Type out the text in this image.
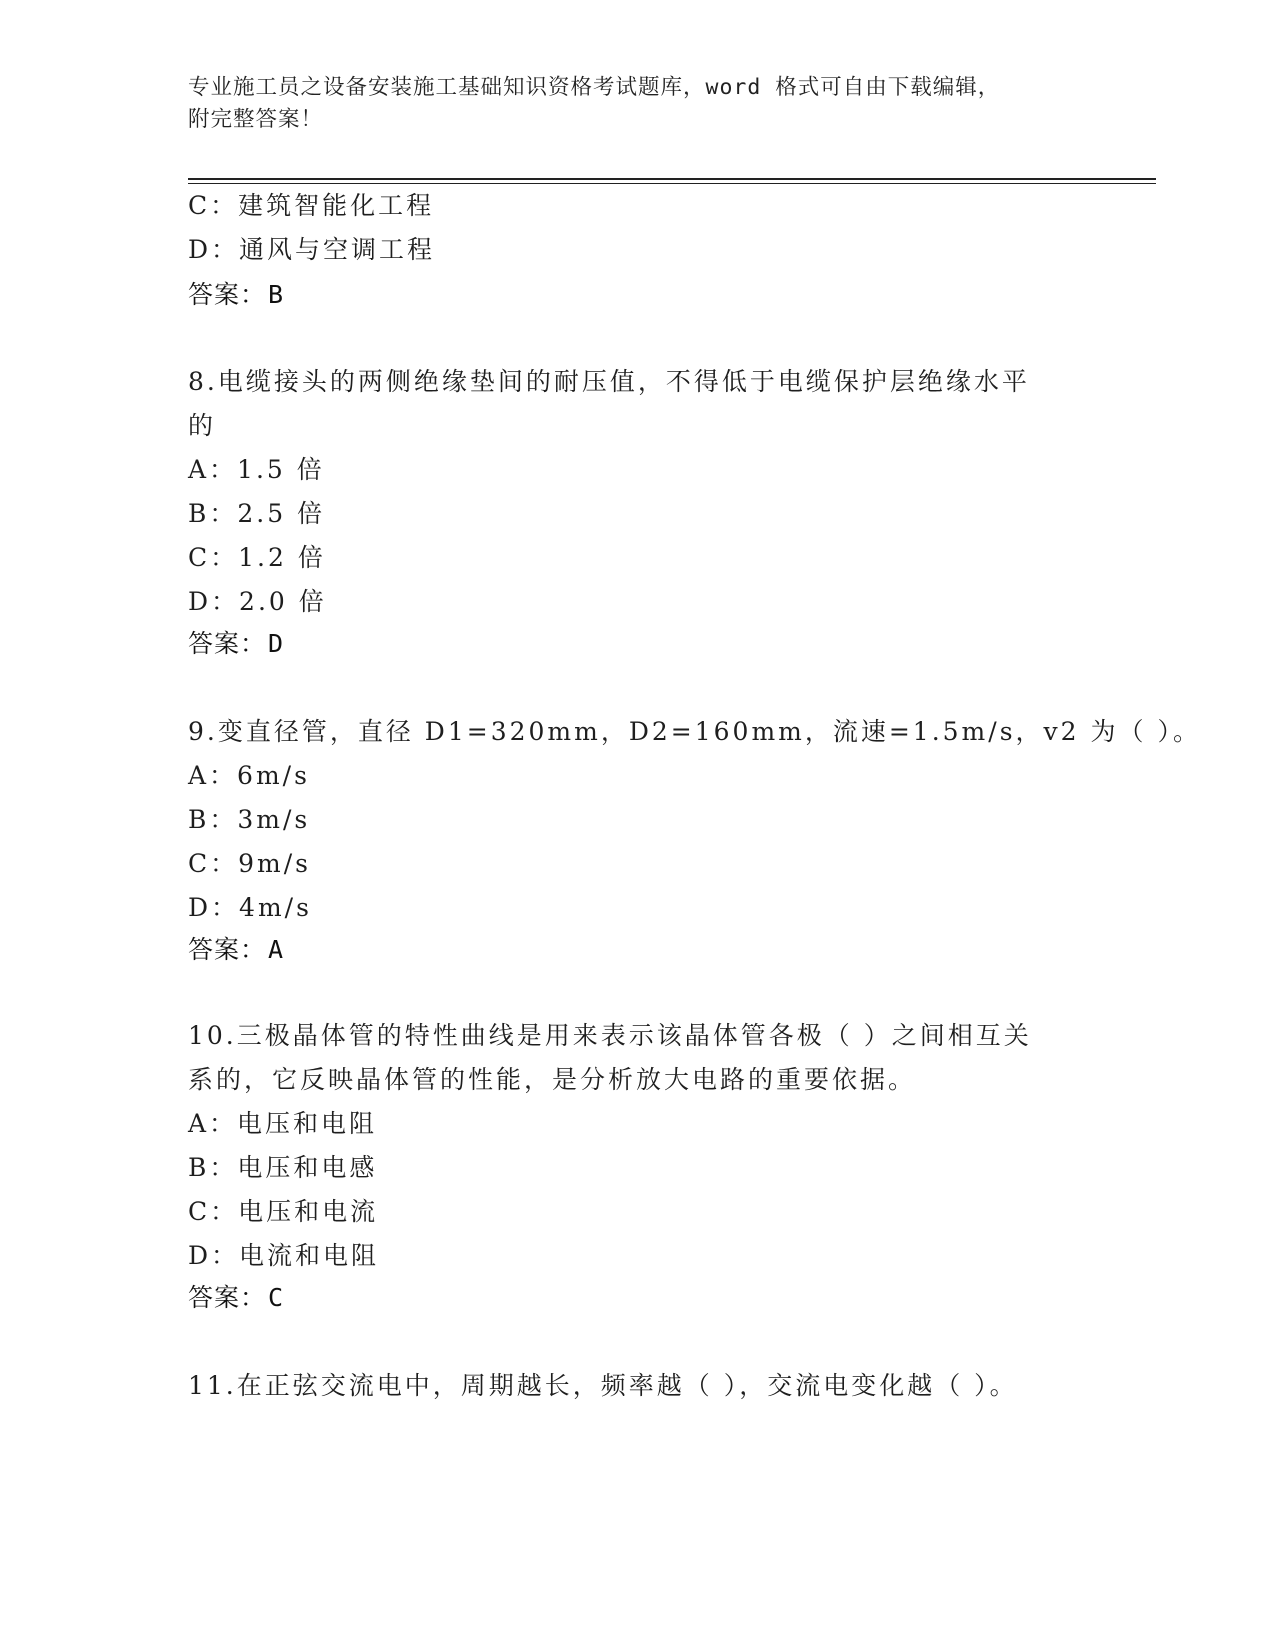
专业施工员之设备安装施工基础知识资格考试题库，word 格式可自由下载编辑，
附完整答案！
C：建筑智能化工程
D：通风与空调工程
答案：B
8.电缆接头的两侧绝缘垫间的耐压值，不得低于电缆保护层绝缘水平
的
A：1.5 倍
B：2.5 倍
C：1.2 倍
D：2.0 倍
答案：D
9.变直径管，直径 D1=320mm，D2=160mm，流速=1.5m/s，v2 为（ ）。
A：6m/s
B：3m/s
C：9m/s
D：4m/s
答案：A
10.三极晶体管的特性曲线是用来表示该晶体管各极（ ）之间相互关
系的，它反映晶体管的性能，是分析放大电路的重要依据。
A：电压和电阻
B：电压和电感
C：电压和电流
D：电流和电阻
答案：C
11.在正弦交流电中，周期越长，频率越（ ），交流电变化越（ ）。
